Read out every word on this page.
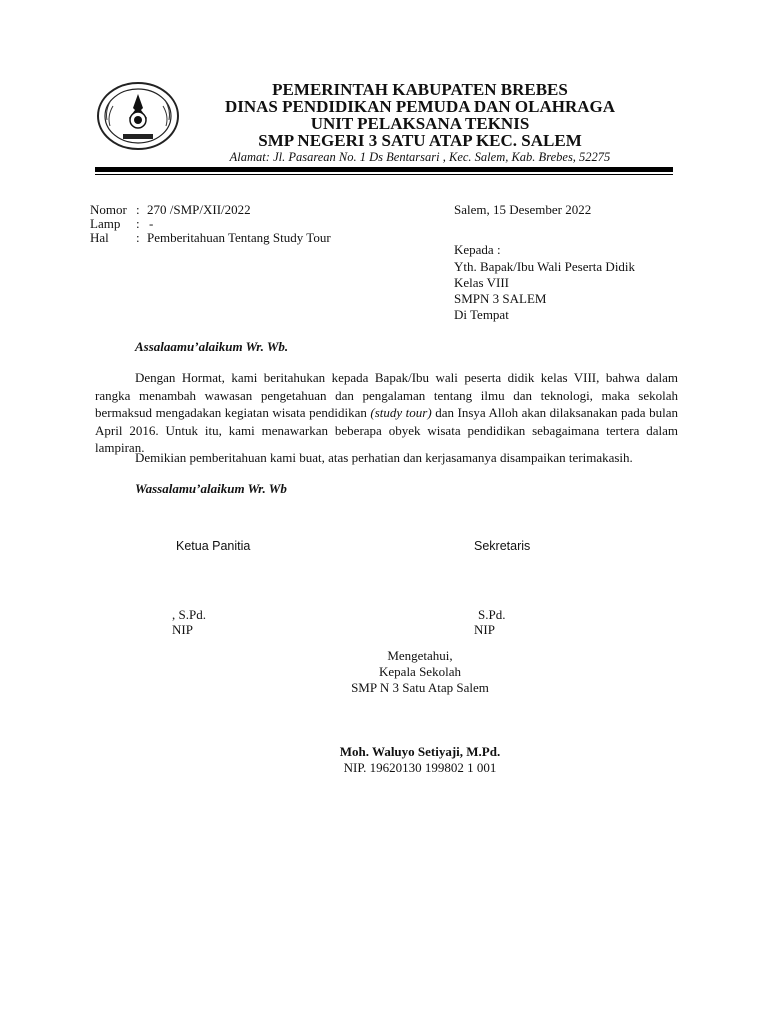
PEMERINTAH KABUPATEN BREBES
DINAS PENDIDIKAN PEMUDA DAN OLAHRAGA
UNIT PELAKSANA TEKNIS
SMP NEGERI 3 SATU ATAP KEC. SALEM
Alamat: Jl. Pasarean No. 1 Ds Bentarsari , Kec. Salem, Kab. Brebes, 52275
Nomor : 270 /SMP/XII/2022
Lamp : -
Hal : Pemberitahuan Tentang Study Tour
Salem, 15 Desember 2022
Kepada :
Yth. Bapak/Ibu Wali Peserta Didik
Kelas VIII
SMPN 3 SALEM
Di Tempat
Assalaamu’alaikum Wr. Wb.
Dengan Hormat, kami beritahukan kepada Bapak/Ibu wali peserta didik kelas VIII, bahwa dalam rangka menambah wawasan pengetahuan dan pengalaman tentang ilmu dan teknologi, maka sekolah bermaksud mengadakan kegiatan wisata pendidikan (study tour) dan Insya Alloh akan dilaksanakan pada bulan April 2016. Untuk itu, kami menawarkan beberapa obyek wisata pendidikan sebagaimana tertera dalam lampiran.
Demikian pemberitahuan kami buat, atas perhatian dan kerjasamanya disampaikan terimakasih.
Wassalamu’alaikum Wr. Wb
Ketua Panitia	Sekretaris
, S.Pd.
NIP
S.Pd.
NIP
Mengetahui,
Kepala Sekolah
SMP N 3 Satu Atap Salem
Moh. Waluyo Setiyaji, M.Pd.
NIP. 19620130 199802 1 001
